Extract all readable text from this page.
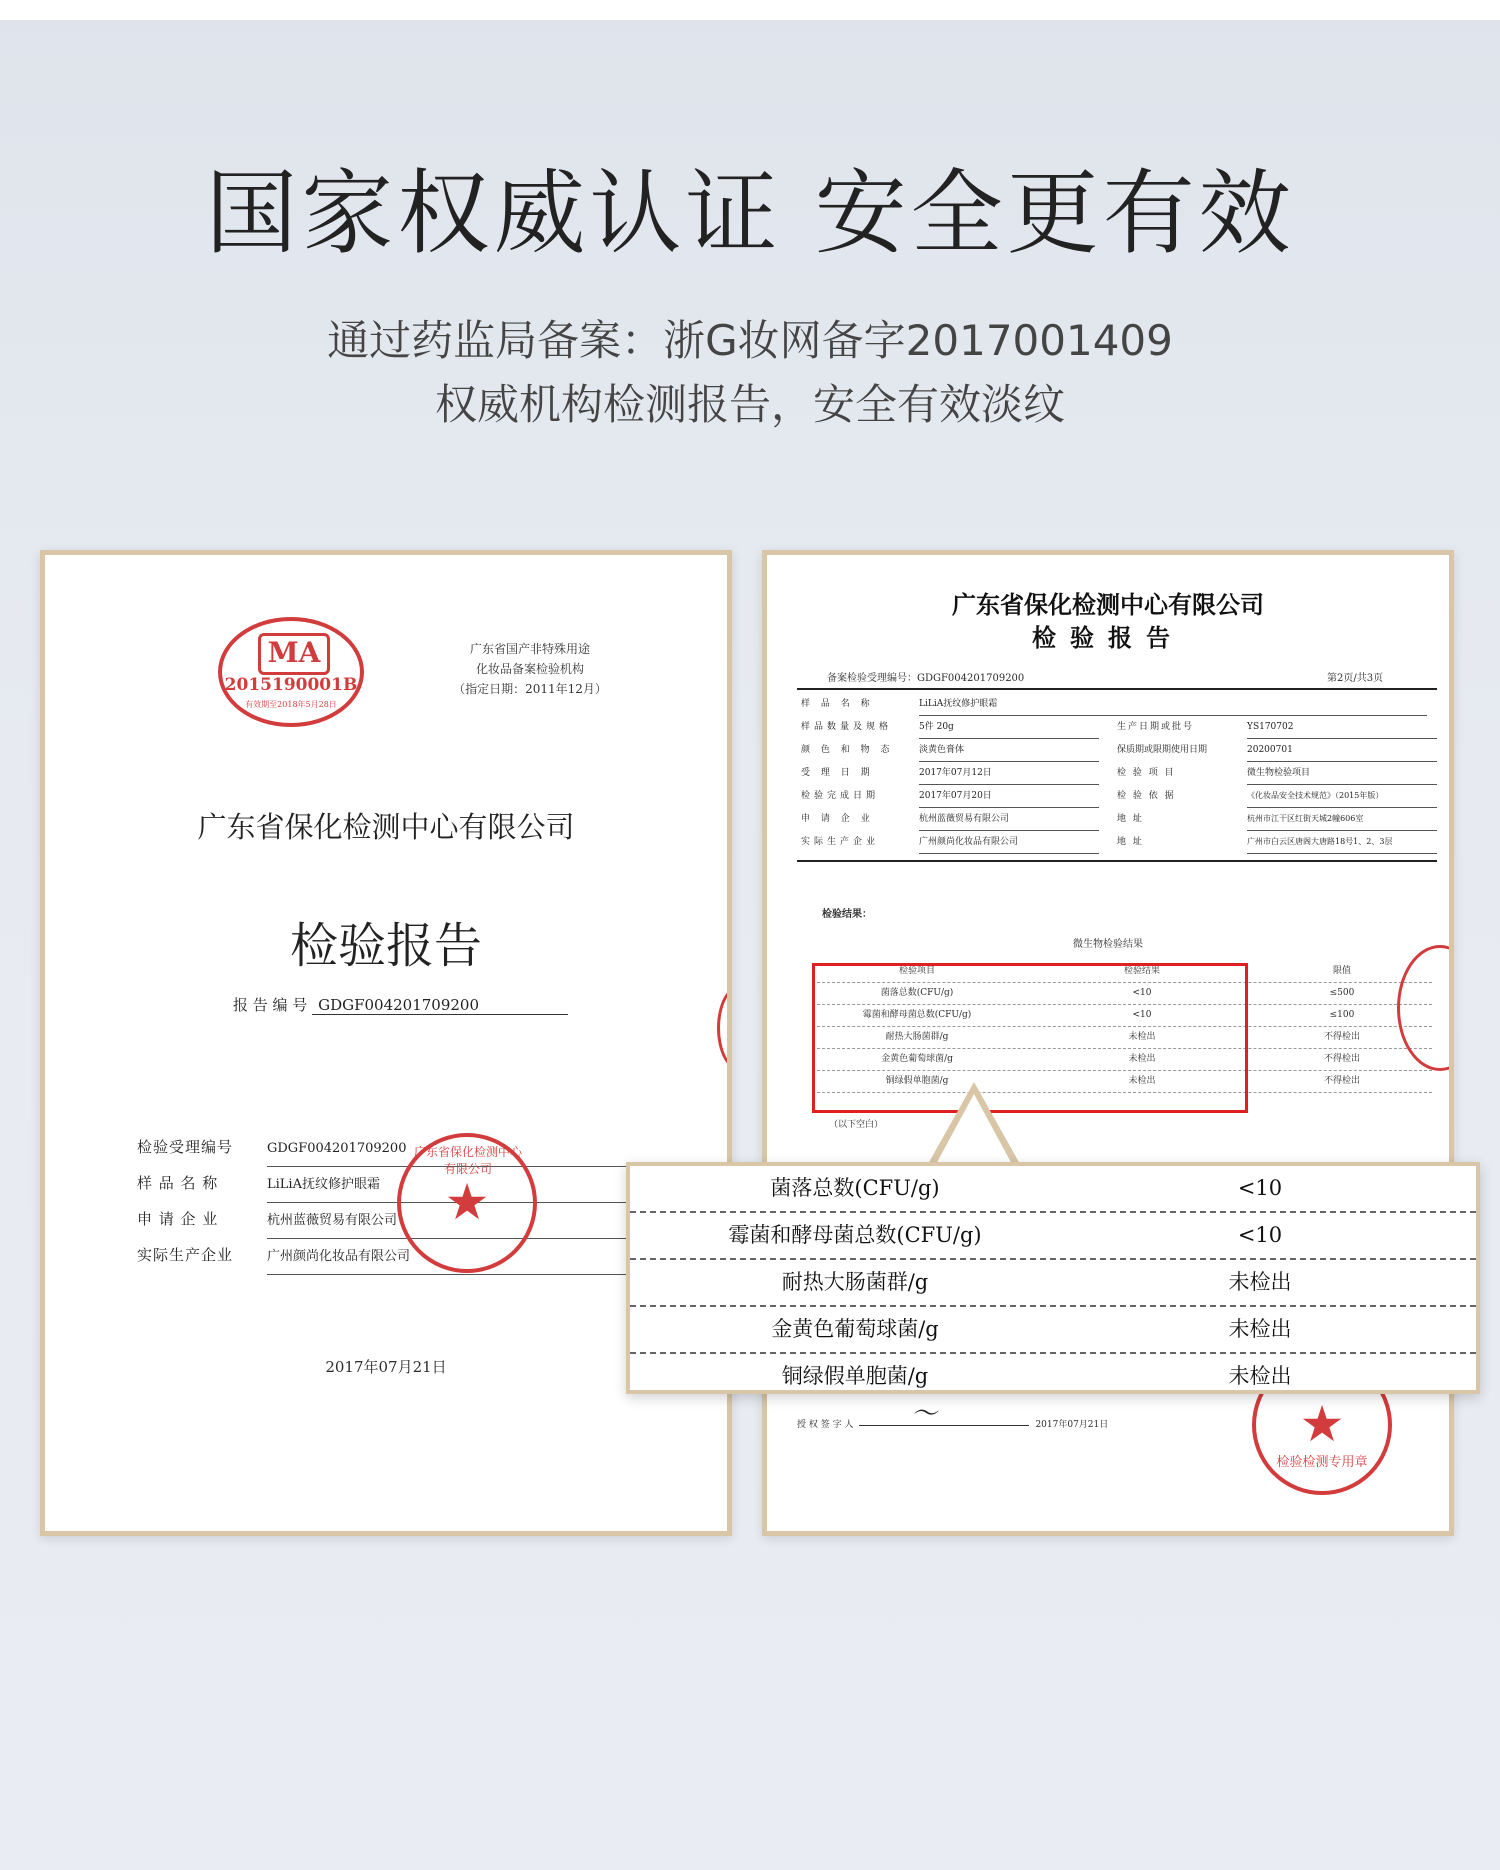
国家权威认证 安全更有效
通过药监局备案：浙G妆网备字2017001409
权威机构检测报告，安全有效淡纹
MA
2015190001B
有效期至2018年5月28日
广东省国产非特殊用途
化妆品备案检验机构
（指定日期：2011年12月）
广东省保化检测中心有限公司
检验报告
报 告 编 号 GDGF004201709200
检验受理编号	GDGF004201709200
样 品 名 称	LiLiA抚纹修护眼霜
申 请 企 业	杭州蓝薇贸易有限公司
实际生产企业	广州颜尚化妆品有限公司
广东省保化检测中心有限公司
★
2017年07月21日
广东省保化检测中心有限公司
检验报告
备案检验受理编号：GDGF004201709200	第2页/共3页
样 品 名 称	LiLiA抚纹修护眼霜
样品数量及规格	5件 20g	生产日期或批号	YS170702
颜 色 和 物 态	淡黄色膏体	保质期或限期使用日期	20200701
受 理 日 期	2017年07月12日	检 验 项 目	微生物检验项目
检验完成日期	2017年07月20日	检 验 依 据	《化妆品安全技术规范》（2015年版）
申 请 企 业	杭州蓝薇贸易有限公司	地 址	杭州市江干区红街天城2幢606室
实际生产企业	广州颜尚化妆品有限公司	地 址	广州市白云区唐阁大唐路18号1、2、3层
检验结果：
微生物检验结果
检验项目	检验结果	限值
菌落总数(CFU/g)	<10	≤500
霉菌和酵母菌总数(CFU/g)	<10	≤100
耐热大肠菌群/g	未检出	不得检出
金黄色葡萄球菌/g	未检出	不得检出
铜绿假单胞菌/g	未检出	不得检出
（以下空白）
〜
授 权 签 字 人	2017年07月21日	★
检验检测专用章
菌落总数(CFU/g)	<10
霉菌和酵母菌总数(CFU/g)	<10
耐热大肠菌群/g	未检出
金黄色葡萄球菌/g	未检出
铜绿假单胞菌/g	未检出
